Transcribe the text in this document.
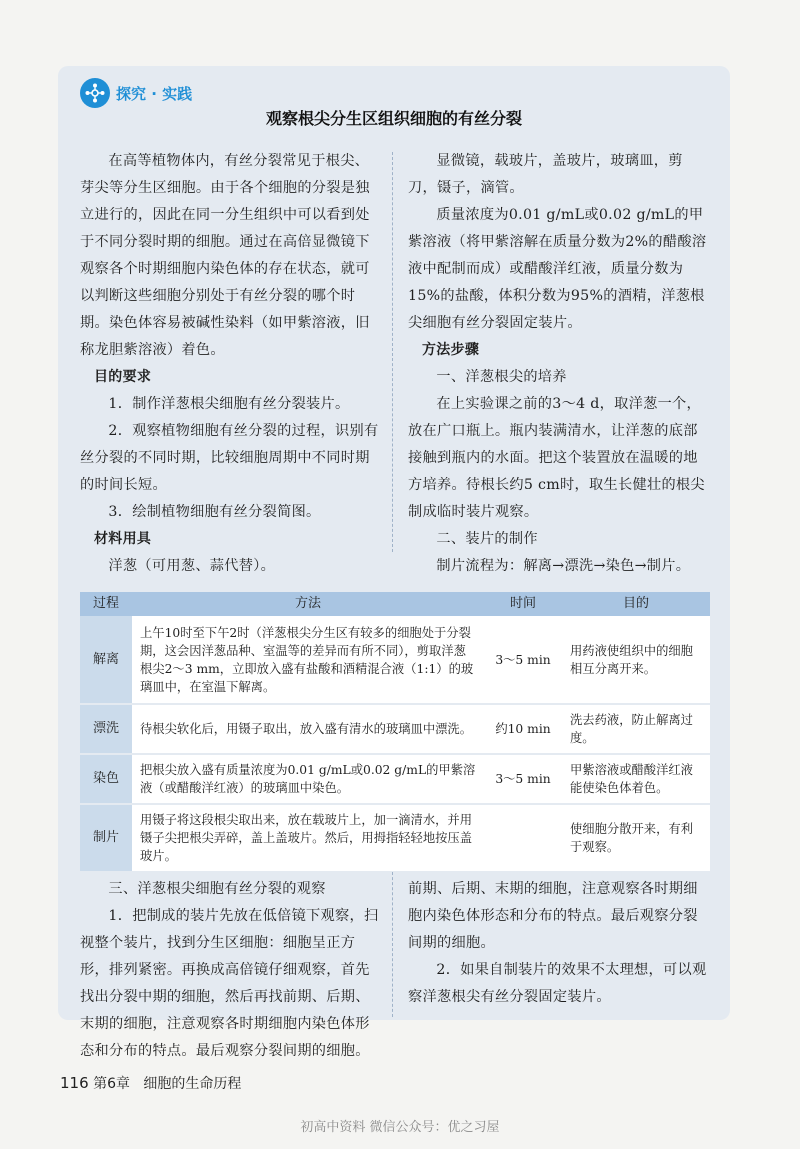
探究 · 实践
观察根尖分生区组织细胞的有丝分裂

在高等植物体内，有丝分裂常见于根尖、芽尖等分生区细胞。由于各个细胞的分裂是独立进行的，因此在同一分生组织中可以看到处于不同分裂时期的细胞。通过在高倍显微镜下观察各个时期细胞内染色体的存在状态，就可以判断这些细胞分别处于有丝分裂的哪个时期。染色体容易被碱性染料（如甲紫溶液，旧称龙胆紫溶液）着色。

目的要求

1．制作洋葱根尖细胞有丝分裂装片。

2．观察植物细胞有丝分裂的过程，识别有丝分裂的不同时期，比较细胞周期中不同时期的时间长短。

3．绘制植物细胞有丝分裂简图。

材料用具

洋葱（可用葱、蒜代替）。

显微镜，载玻片，盖玻片，玻璃皿，剪刀，镊子，滴管。

质量浓度为0.01 g/mL或0.02 g/mL的甲紫溶液（将甲紫溶解在质量分数为2%的醋酸溶液中配制而成）或醋酸洋红液，质量分数为15%的盐酸，体积分数为95%的酒精，洋葱根尖细胞有丝分裂固定装片。

方法步骤

一、洋葱根尖的培养

在上实验课之前的3～4 d，取洋葱一个，放在广口瓶上。瓶内装满清水，让洋葱的底部接触到瓶内的水面。把这个装置放在温暖的地方培养。待根长约5 cm时，取生长健壮的根尖制成临时装片观察。

二、装片的制作

制片流程为：解离→漂洗→染色→制片。

过程	方法	时间	目的
解离	上午10时至下午2时（洋葱根尖分生区有较多的细胞处于分裂期，这会因洋葱品种、室温等的差异而有所不同），剪取洋葱根尖2～3 mm，立即放入盛有盐酸和酒精混合液（1:1）的玻璃皿中，在室温下解离。	3～5 min	用药液使组织中的细胞相互分离开来。
漂洗	待根尖软化后，用镊子取出，放入盛有清水的玻璃皿中漂洗。	约10 min	洗去药液，防止解离过度。
染色	把根尖放入盛有质量浓度为0.01 g/mL或0.02 g/mL的甲紫溶液（或醋酸洋红液）的玻璃皿中染色。	3～5 min	甲紫溶液或醋酸洋红液能使染色体着色。
制片	用镊子将这段根尖取出来，放在载玻片上，加一滴清水，并用镊子尖把根尖弄碎，盖上盖玻片。然后，用拇指轻轻地按压盖玻片。		使细胞分散开来，有利于观察。

三、洋葱根尖细胞有丝分裂的观察

1．把制成的装片先放在低倍镜下观察，扫视整个装片，找到分生区细胞：细胞呈正方形，排列紧密。再换成高倍镜仔细观察，首先找出分裂中期的细胞，然后再找前期、后期、末期的细胞，注意观察各时期细胞内染色体形态和分布的特点。最后观察分裂间期的细胞。

前期、后期、末期的细胞，注意观察各时期细胞内染色体形态和分布的特点。最后观察分裂间期的细胞。

2．如果自制装片的效果不太理想，可以观察洋葱根尖有丝分裂固定装片。

116 第6章 细胞的生命历程
初高中资料 微信公众号：优之习屋
